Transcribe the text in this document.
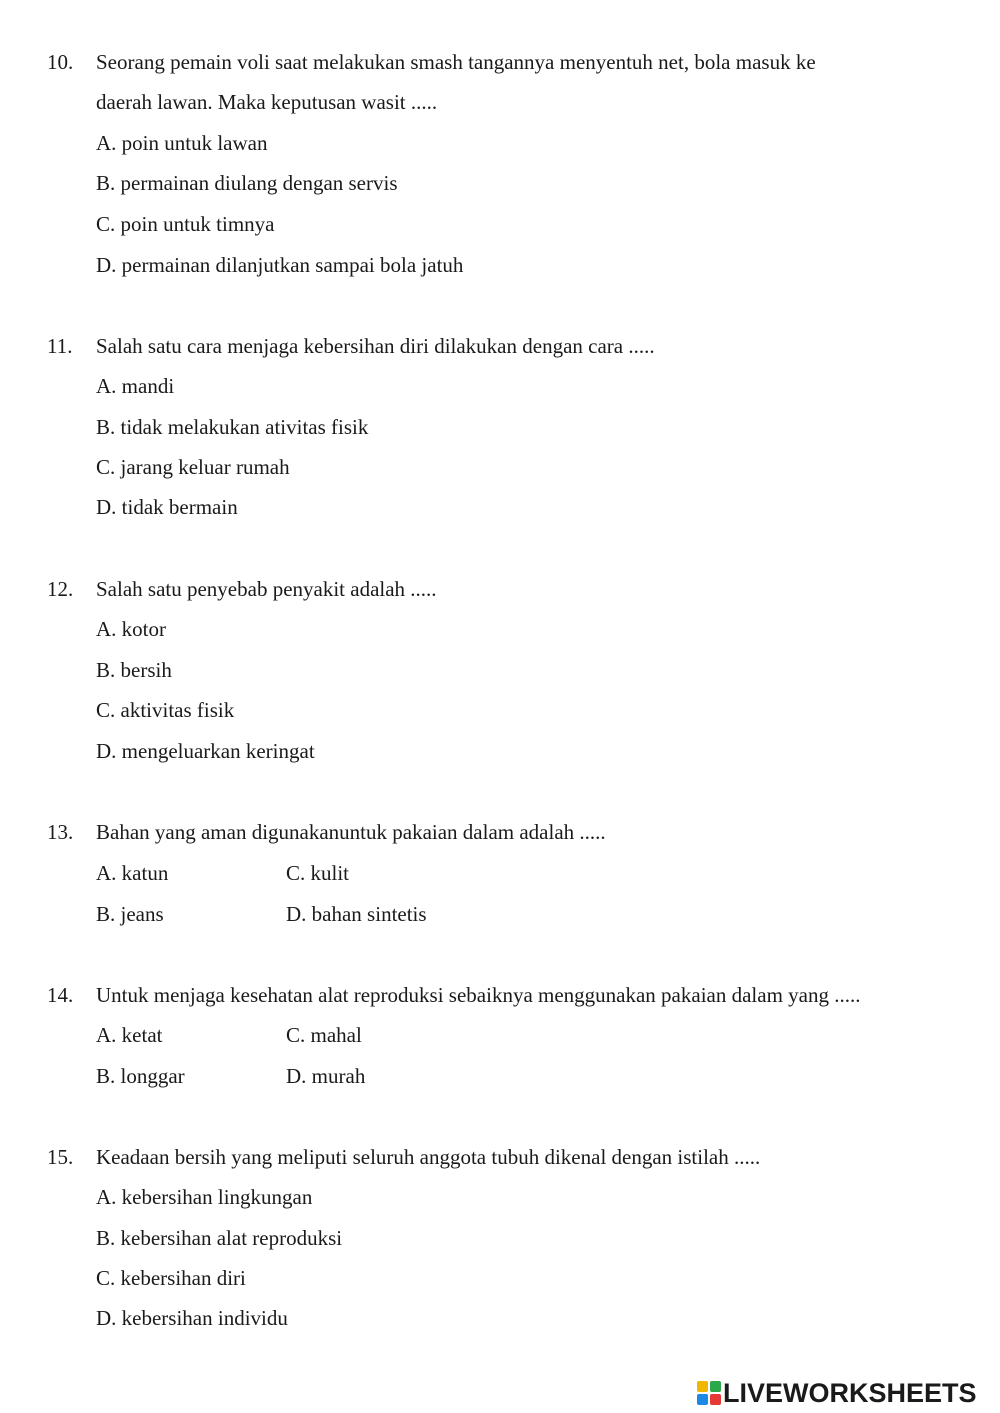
10. Seorang pemain voli saat melakukan smash tangannya menyentuh net, bola masuk ke
daerah lawan. Maka keputusan wasit .....
A. poin untuk lawan
B. permainan diulang dengan servis
C. poin untuk timnya
D. permainan dilanjutkan sampai bola jatuh
11. Salah satu cara menjaga kebersihan diri dilakukan dengan cara .....
A. mandi
B. tidak melakukan ativitas fisik
C. jarang keluar rumah
D. tidak bermain
12. Salah satu penyebab penyakit adalah .....
A. kotor
B. bersih
C. aktivitas fisik
D. mengeluarkan keringat
13. Bahan yang aman digunakanuntuk pakaian dalam adalah .....
A. katun	C. kulit
B. jeans	D. bahan sintetis
14. Untuk menjaga kesehatan alat reproduksi sebaiknya menggunakan pakaian dalam yang .....
A. ketat	C. mahal
B. longgar	D. murah
15. Keadaan bersih yang meliputi seluruh anggota tubuh dikenal dengan istilah .....
A. kebersihan lingkungan
B. kebersihan alat reproduksi
C. kebersihan diri
D. kebersihan individu
LIVEWORKSHEETS
